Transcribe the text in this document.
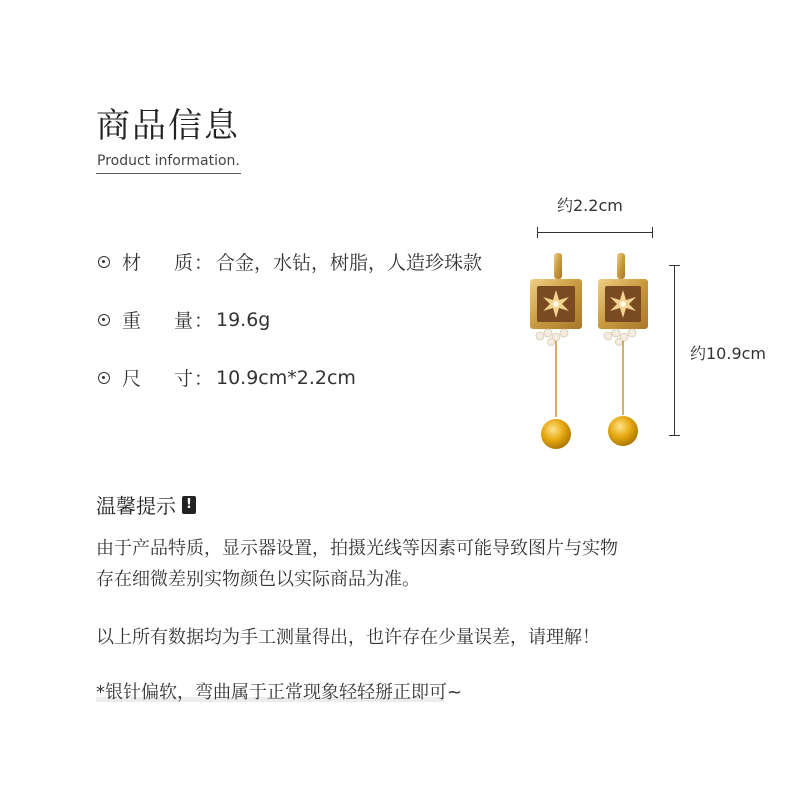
商品信息
Product information.
材	质 ： 合金，水钻，树脂，人造珍珠款
重	量 ： 19.6g
尺	寸 ： 10.9cm*2.2cm
约2.2cm
约10.9cm
温馨提示 !
由于产品特质，显示器设置，拍摄光线等因素可能导致图片与实物
存在细微差别实物颜色以实际商品为准。
以上所有数据均为手工测量得出，也许存在少量误差，请理解！
*银针偏软，弯曲属于正常现象轻轻掰正即可~
